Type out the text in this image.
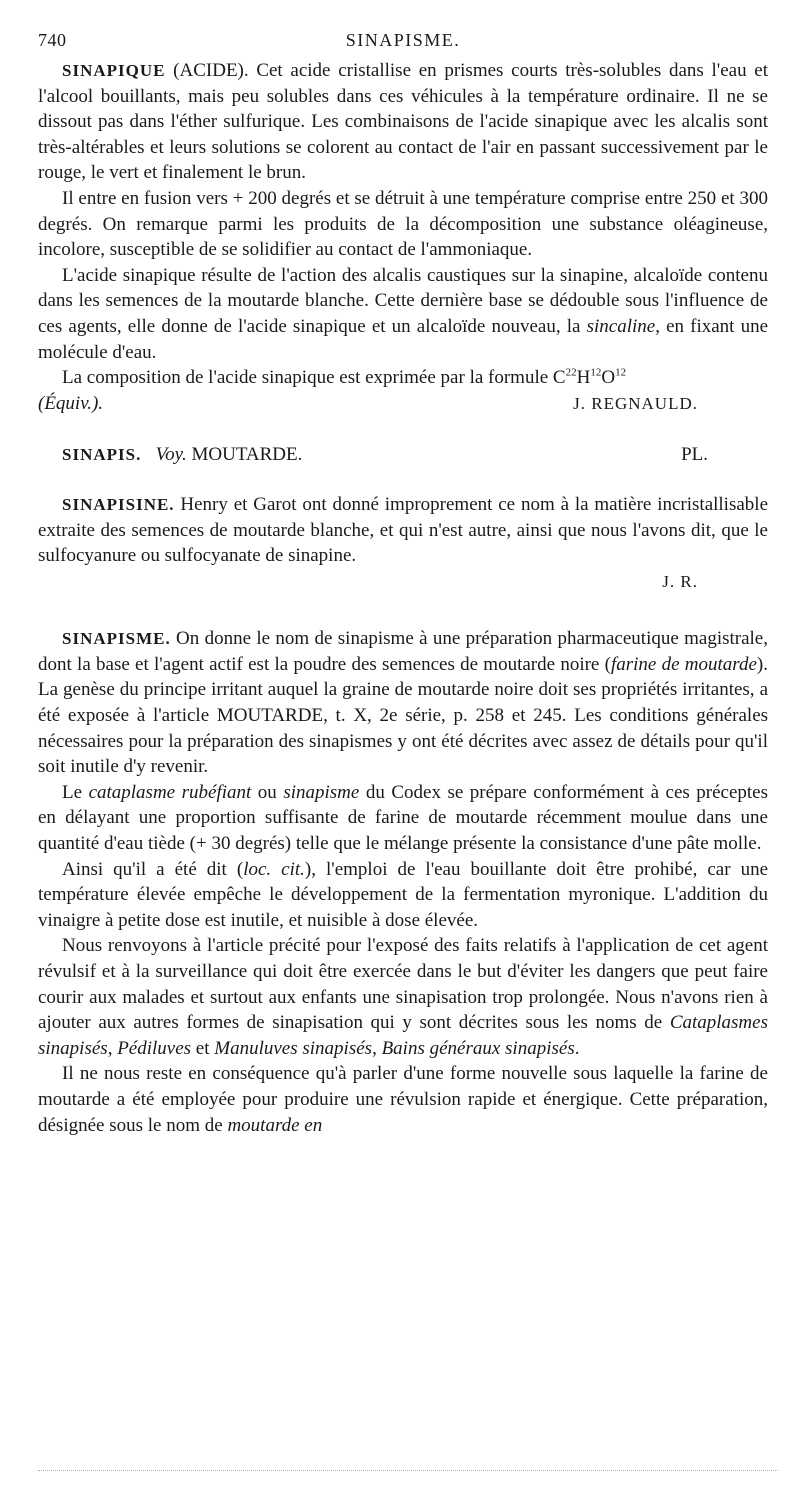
740	SINAPISME.

SINAPIQUE (ACIDE). Cet acide cristallise en prismes courts très-solubles dans l'eau et l'alcool bouillants, mais peu solubles dans ces véhicules à la température ordinaire. Il ne se dissout pas dans l'éther sulfurique. Les combinaisons de l'acide sinapique avec les alcalis sont très-altérables et leurs solutions se colorent au contact de l'air en passant successivement par le rouge, le vert et finalement le brun.

Il entre en fusion vers + 200 degrés et se détruit à une température comprise entre 250 et 300 degrés. On remarque parmi les produits de la décomposition une substance oléagineuse, incolore, susceptible de se solidifier au contact de l'ammoniaque.

L'acide sinapique résulte de l'action des alcalis caustiques sur la sinapine, alcaloïde contenu dans les semences de la moutarde blanche. Cette dernière base se dédouble sous l'influence de ces agents, elle donne de l'acide sinapique et un alcaloïde nouveau, la sincaline, en fixant une molécule d'eau.

La composition de l'acide sinapique est exprimée par la formule $C^{22}H^{12}O^{12}$

(Équiv.).	J. REGNAULD.
SINAPIS. Voy. MOUTARDE.	PL.

SINAPISINE. Henry et Garot ont donné improprement ce nom à la matière incristallisable extraite des semences de moutarde blanche, et qui n'est autre, ainsi que nous l'avons dit, que le sulfocyanure ou sulfocyanate de sinapine.

J. R.

SINAPISME. On donne le nom de sinapisme à une préparation pharmaceutique magistrale, dont la base et l'agent actif est la poudre des semences de moutarde noire (farine de moutarde). La genèse du principe irritant auquel la graine de moutarde noire doit ses propriétés irritantes, a été exposée à l'article MOUTARDE, t. X, 2e série, p. 258 et 245. Les conditions générales nécessaires pour la préparation des sinapismes y ont été décrites avec assez de détails pour qu'il soit inutile d'y revenir.

Le cataplasme rubéfiant ou sinapisme du Codex se prépare conformément à ces préceptes en délayant une proportion suffisante de farine de moutarde récemment moulue dans une quantité d'eau tiède (+ 30 degrés) telle que le mélange présente la consistance d'une pâte molle.

Ainsi qu'il a été dit (loc. cit.), l'emploi de l'eau bouillante doit être prohibé, car une température élevée empêche le développement de la fermentation myronique. L'addition du vinaigre à petite dose est inutile, et nuisible à dose élevée.

Nous renvoyons à l'article précité pour l'exposé des faits relatifs à l'application de cet agent révulsif et à la surveillance qui doit être exercée dans le but d'éviter les dangers que peut faire courir aux malades et surtout aux enfants une sinapisation trop prolongée. Nous n'avons rien à ajouter aux autres formes de sinapisation qui y sont décrites sous les noms de Cataplasmes sinapisés, Pédiluves et Manuluves sinapisés, Bains généraux sinapisés.

Il ne nous reste en conséquence qu'à parler d'une forme nouvelle sous laquelle la farine de moutarde a été employée pour produire une révulsion rapide et énergique. Cette préparation, désignée sous le nom de moutarde en
